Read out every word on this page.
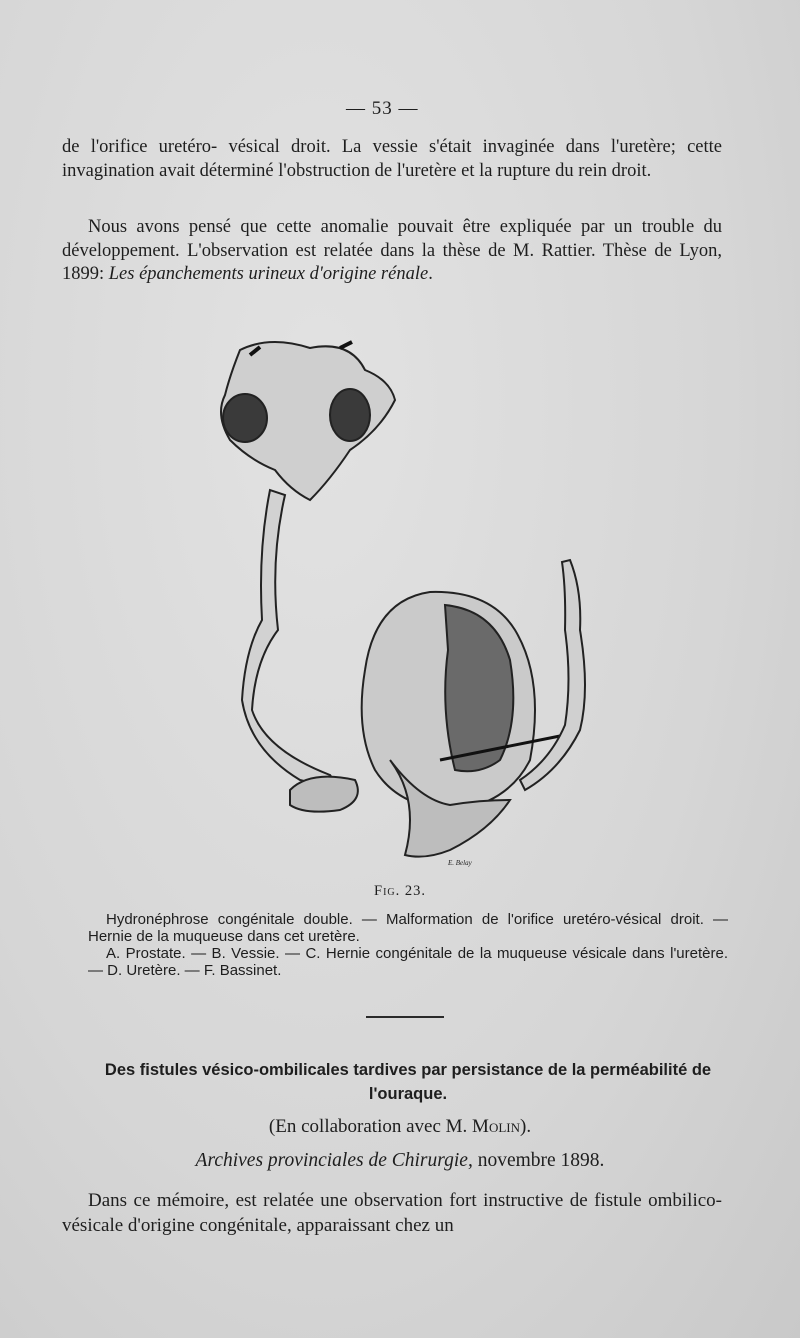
— 53 —

de l'orifice uretéro- vésical droit. La vessie s'était invaginée dans l'uretère; cette invagination avait déterminé l'obstruction de l'uretère et la rupture du rein droit.

Nous avons pensé que cette anomalie pouvait être expliquée par un trouble du développement. L'observation est relatée dans la thèse de M. Rattier. Thèse de Lyon, 1899: Les épanchements urineux d'origine rénale.

E. Belay
Fig. 23.

Hydronéphrose congénitale double. — Malformation de l'orifice uretéro-vésical droit. — Hernie de la muqueuse dans cet uretère.

A. Prostate. — B. Vessie. — C. Hernie congénitale de la muqueuse vésicale dans l'uretère. — D. Uretère. — F. Bassinet.

Des fistules vésico-ombilicales tardives par persistance de la perméabilité de l'ouraque.

(En collaboration avec M. Molin).
Archives provinciales de Chirurgie, novembre 1898.

Dans ce mémoire, est relatée une observation fort instructive de fistule ombilico-vésicale d'origine congénitale, apparaissant chez un
